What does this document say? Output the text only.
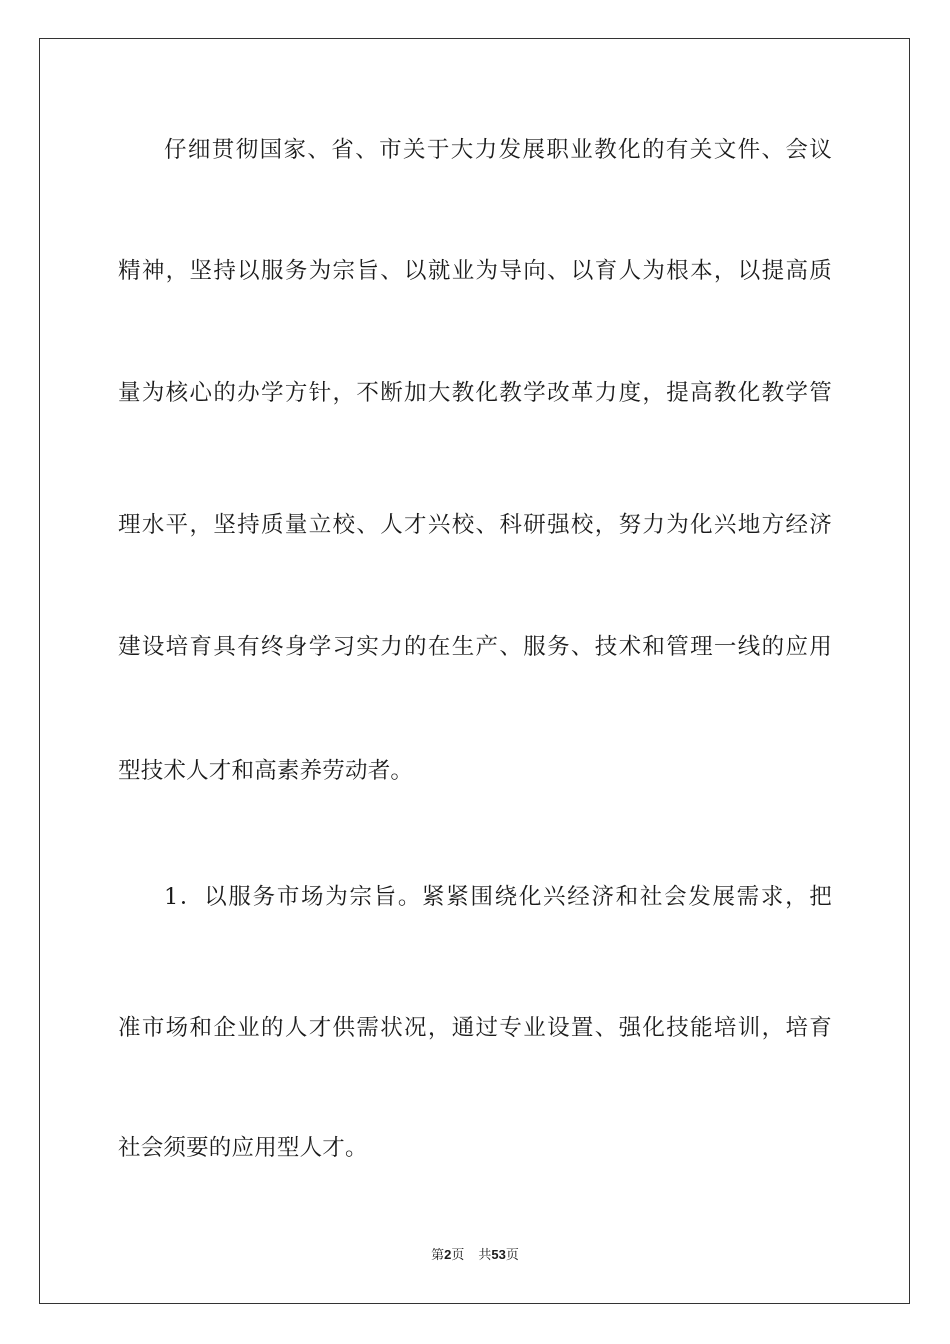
仔细贯彻国家、省、市关于大力发展职业教化的有关文件、会议
精神，坚持以服务为宗旨、以就业为导向、以育人为根本，以提高质
量为核心的办学方针，不断加大教化教学改革力度，提高教化教学管
理水平，坚持质量立校、人才兴校、科研强校，努力为化兴地方经济
建设培育具有终身学习实力的在生产、服务、技术和管理一线的应用
型技术人才和高素养劳动者。
1．以服务市场为宗旨。紧紧围绕化兴经济和社会发展需求，把
准市场和企业的人才供需状况，通过专业设置、强化技能培训，培育
社会须要的应用型人才。
第2页 共53页
